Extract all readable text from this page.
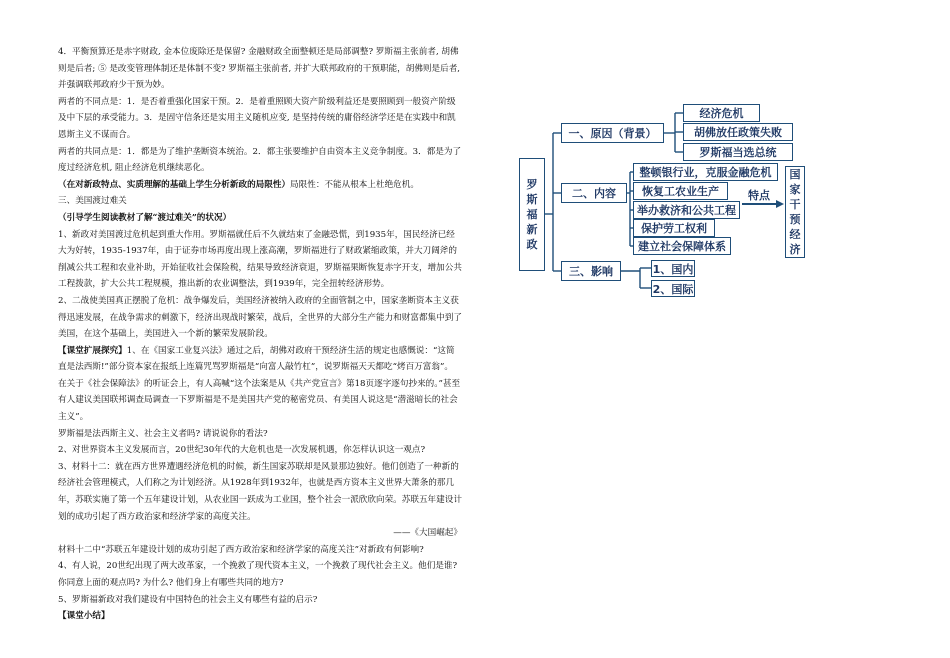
4．平衡预算还是赤字财政, 金本位废除还是保留? 金融财政全面整顿还是局部调整? 罗斯福主张前者, 胡佛则是后者; ⑤ 是改变管理体制还是体制不变? 罗斯福主张前者, 并扩大联邦政府的干预职能，胡佛则是后者, 并强调联邦政府少干预为妙。

两者的不同点是：1．是否着重强化国家干预。2．是着重照顾大资产阶级利益还是要照顾到一般资产阶级及中下层的承受能力。3．是固守信条还是实用主义随机应变, 是坚持传统的庸俗经济学还是在实践中和凯恩斯主义不谋而合。

两者的共同点是：1．都是为了维护垄断资本统治。2．都主张要维护自由资本主义竞争制度。3．都是为了度过经济危机, 阻止经济危机继续恶化。

（在对新政特点、实质理解的基础上学生分析新政的局限性）局限性：不能从根本上杜绝危机。

三、美国渡过难关

（引导学生阅读教材了解“渡过难关”的状况）

1、新政对美国渡过危机起到重大作用。罗斯福就任后不久就结束了金融恐慌，到1935年，国民经济已经大为好转，1935-1937年，由于证券市场再度出现上涨高潮，罗斯福进行了财政紧缩政策，并大刀阔斧的削减公共工程和农业补助，开始征收社会保险税，结果导致经济衰退，罗斯福果断恢复赤字开支，增加公共工程拨款，扩大公共工程规模，推出新的农业调整法，到1939年，完全扭转经济形势。

2、二战使美国真正摆脱了危机：战争爆发后，美国经济被纳入政府的全面管制之中，国家垄断资本主义获得迅速发展，在战争需求的刺激下，经济出现战时繁荣，战后，全世界的大部分生产能力和财富都集中到了美国，在这个基础上，美国进入一个新的繁荣发展阶段。

【课堂扩展探究】1、在《国家工业复兴法》通过之后，胡佛对政府干预经济生活的规定也感慨说：“这简直是法西斯!”部分资本家在报纸上连篇咒骂罗斯福是“向富人敲竹杠”，说罗斯福天天都吃“烤百万富翁”。

在关于《社会保障法》的听证会上，有人高喊“这个法案是从《共产党宣言》第18页逐字逐句抄来的。”甚至有人建议美国联邦调查局调查一下罗斯福是不是美国共产党的秘密党员、有美国人说这是“潜滋暗长的社会主义”。

罗斯福是法西斯主义、社会主义者吗? 请说说你的看法?

2、对世界资本主义发展而言，20世纪30年代的大危机也是一次发展机遇，你怎样认识这一观点?

3、材料十二：就在西方世界遭遇经济危机的时候，新生国家苏联却是风景那边独好。他们创造了一种新的经济社会管理模式，人们称之为计划经济。从1928年到1932年，也就是西方资本主义世界大萧条的那几年，苏联实施了第一个五年建设计划，从农业国一跃成为工业国，整个社会一派欣欣向荣。苏联五年建设计划的成功引起了西方政治家和经济学家的高度关注。

——《大国崛起》

材料十二中“苏联五年建设计划的成功引起了西方政治家和经济学家的高度关注”对新政有何影响?

4、有人说，20世纪出现了两大改革家，一个挽救了现代资本主义，一个挽救了现代社会主义。他们是谁? 你同意上面的观点吗? 为什么? 他们身上有哪些共同的地方?

5、罗斯福新政对我们建设有中国特色的社会主义有哪些有益的启示?

【课堂小结】

罗
斯
福
新
政
一、原因（背景）
二、内容
三、影响
经济危机
胡佛放任政策失败
罗斯福当选总统
整顿银行业，克服金融危机
恢复工农业生产
举办救济和公共工程
保护劳工权利
建立社会保障体系
1、国内
2、国际
特点
国
家
干
预
经
济
